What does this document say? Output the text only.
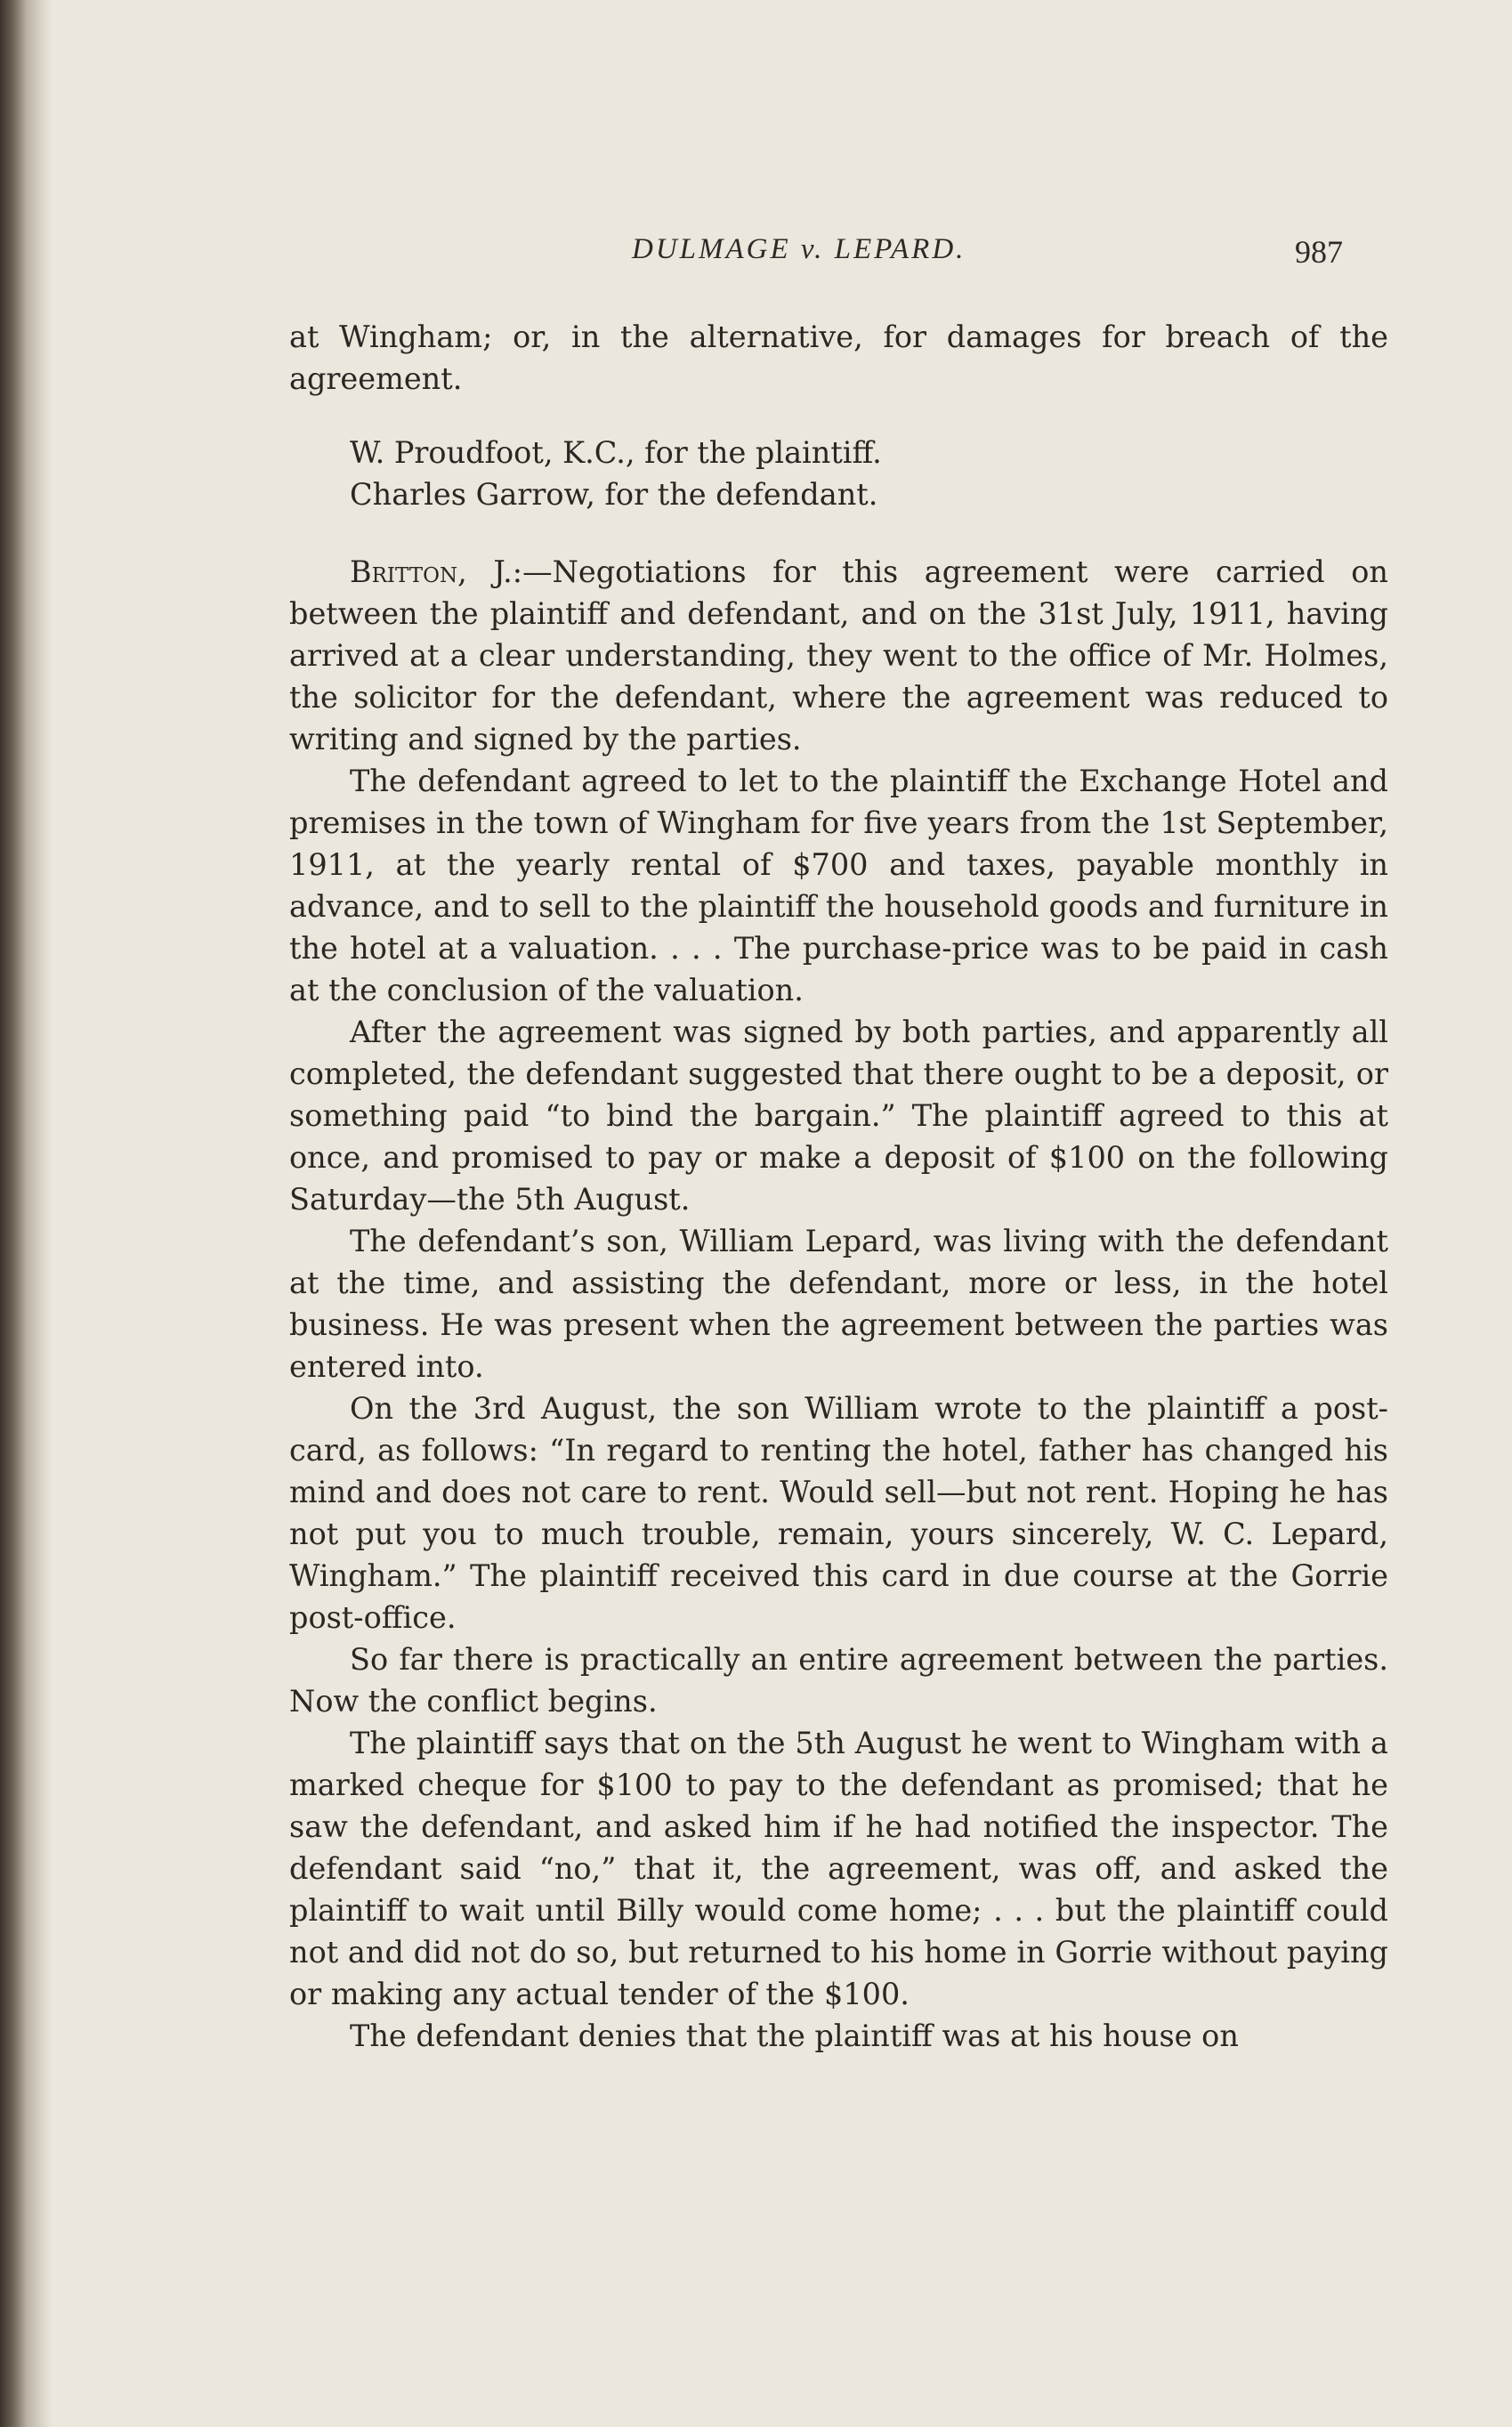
DULMAGE v. LEPARD.	987

at Wingham; or, in the alternative, for damages for breach of the agreement.

W. Proudfoot, K.C., for the plaintiff.

Charles Garrow, for the defendant.

Britton, J.:—Negotiations for this agreement were carried on between the plaintiff and defendant, and on the 31st July, 1911, having arrived at a clear understanding, they went to the office of Mr. Holmes, the solicitor for the defendant, where the agreement was reduced to writing and signed by the parties.

The defendant agreed to let to the plaintiff the Exchange Hotel and premises in the town of Wingham for five years from the 1st September, 1911, at the yearly rental of $700 and taxes, payable monthly in advance, and to sell to the plaintiff the household goods and furniture in the hotel at a valuation. . . . The purchase-price was to be paid in cash at the conclusion of the valuation.

After the agreement was signed by both parties, and apparently all completed, the defendant suggested that there ought to be a deposit, or something paid “to bind the bargain.” The plaintiff agreed to this at once, and promised to pay or make a deposit of $100 on the following Saturday—the 5th August.

The defendant’s son, William Lepard, was living with the defendant at the time, and assisting the defendant, more or less, in the hotel business. He was present when the agreement between the parties was entered into.

On the 3rd August, the son William wrote to the plaintiff a post-card, as follows: “In regard to renting the hotel, father has changed his mind and does not care to rent. Would sell—but not rent. Hoping he has not put you to much trouble, remain, yours sincerely, W. C. Lepard, Wingham.” The plaintiff received this card in due course at the Gorrie post-office.

So far there is practically an entire agreement between the parties. Now the conflict begins.

The plaintiff says that on the 5th August he went to Wingham with a marked cheque for $100 to pay to the defendant as promised; that he saw the defendant, and asked him if he had notified the inspector. The defendant said “no,” that it, the agreement, was off, and asked the plaintiff to wait until Billy would come home; . . . but the plaintiff could not and did not do so, but returned to his home in Gorrie without paying or making any actual tender of the $100.

The defendant denies that the plaintiff was at his house on
